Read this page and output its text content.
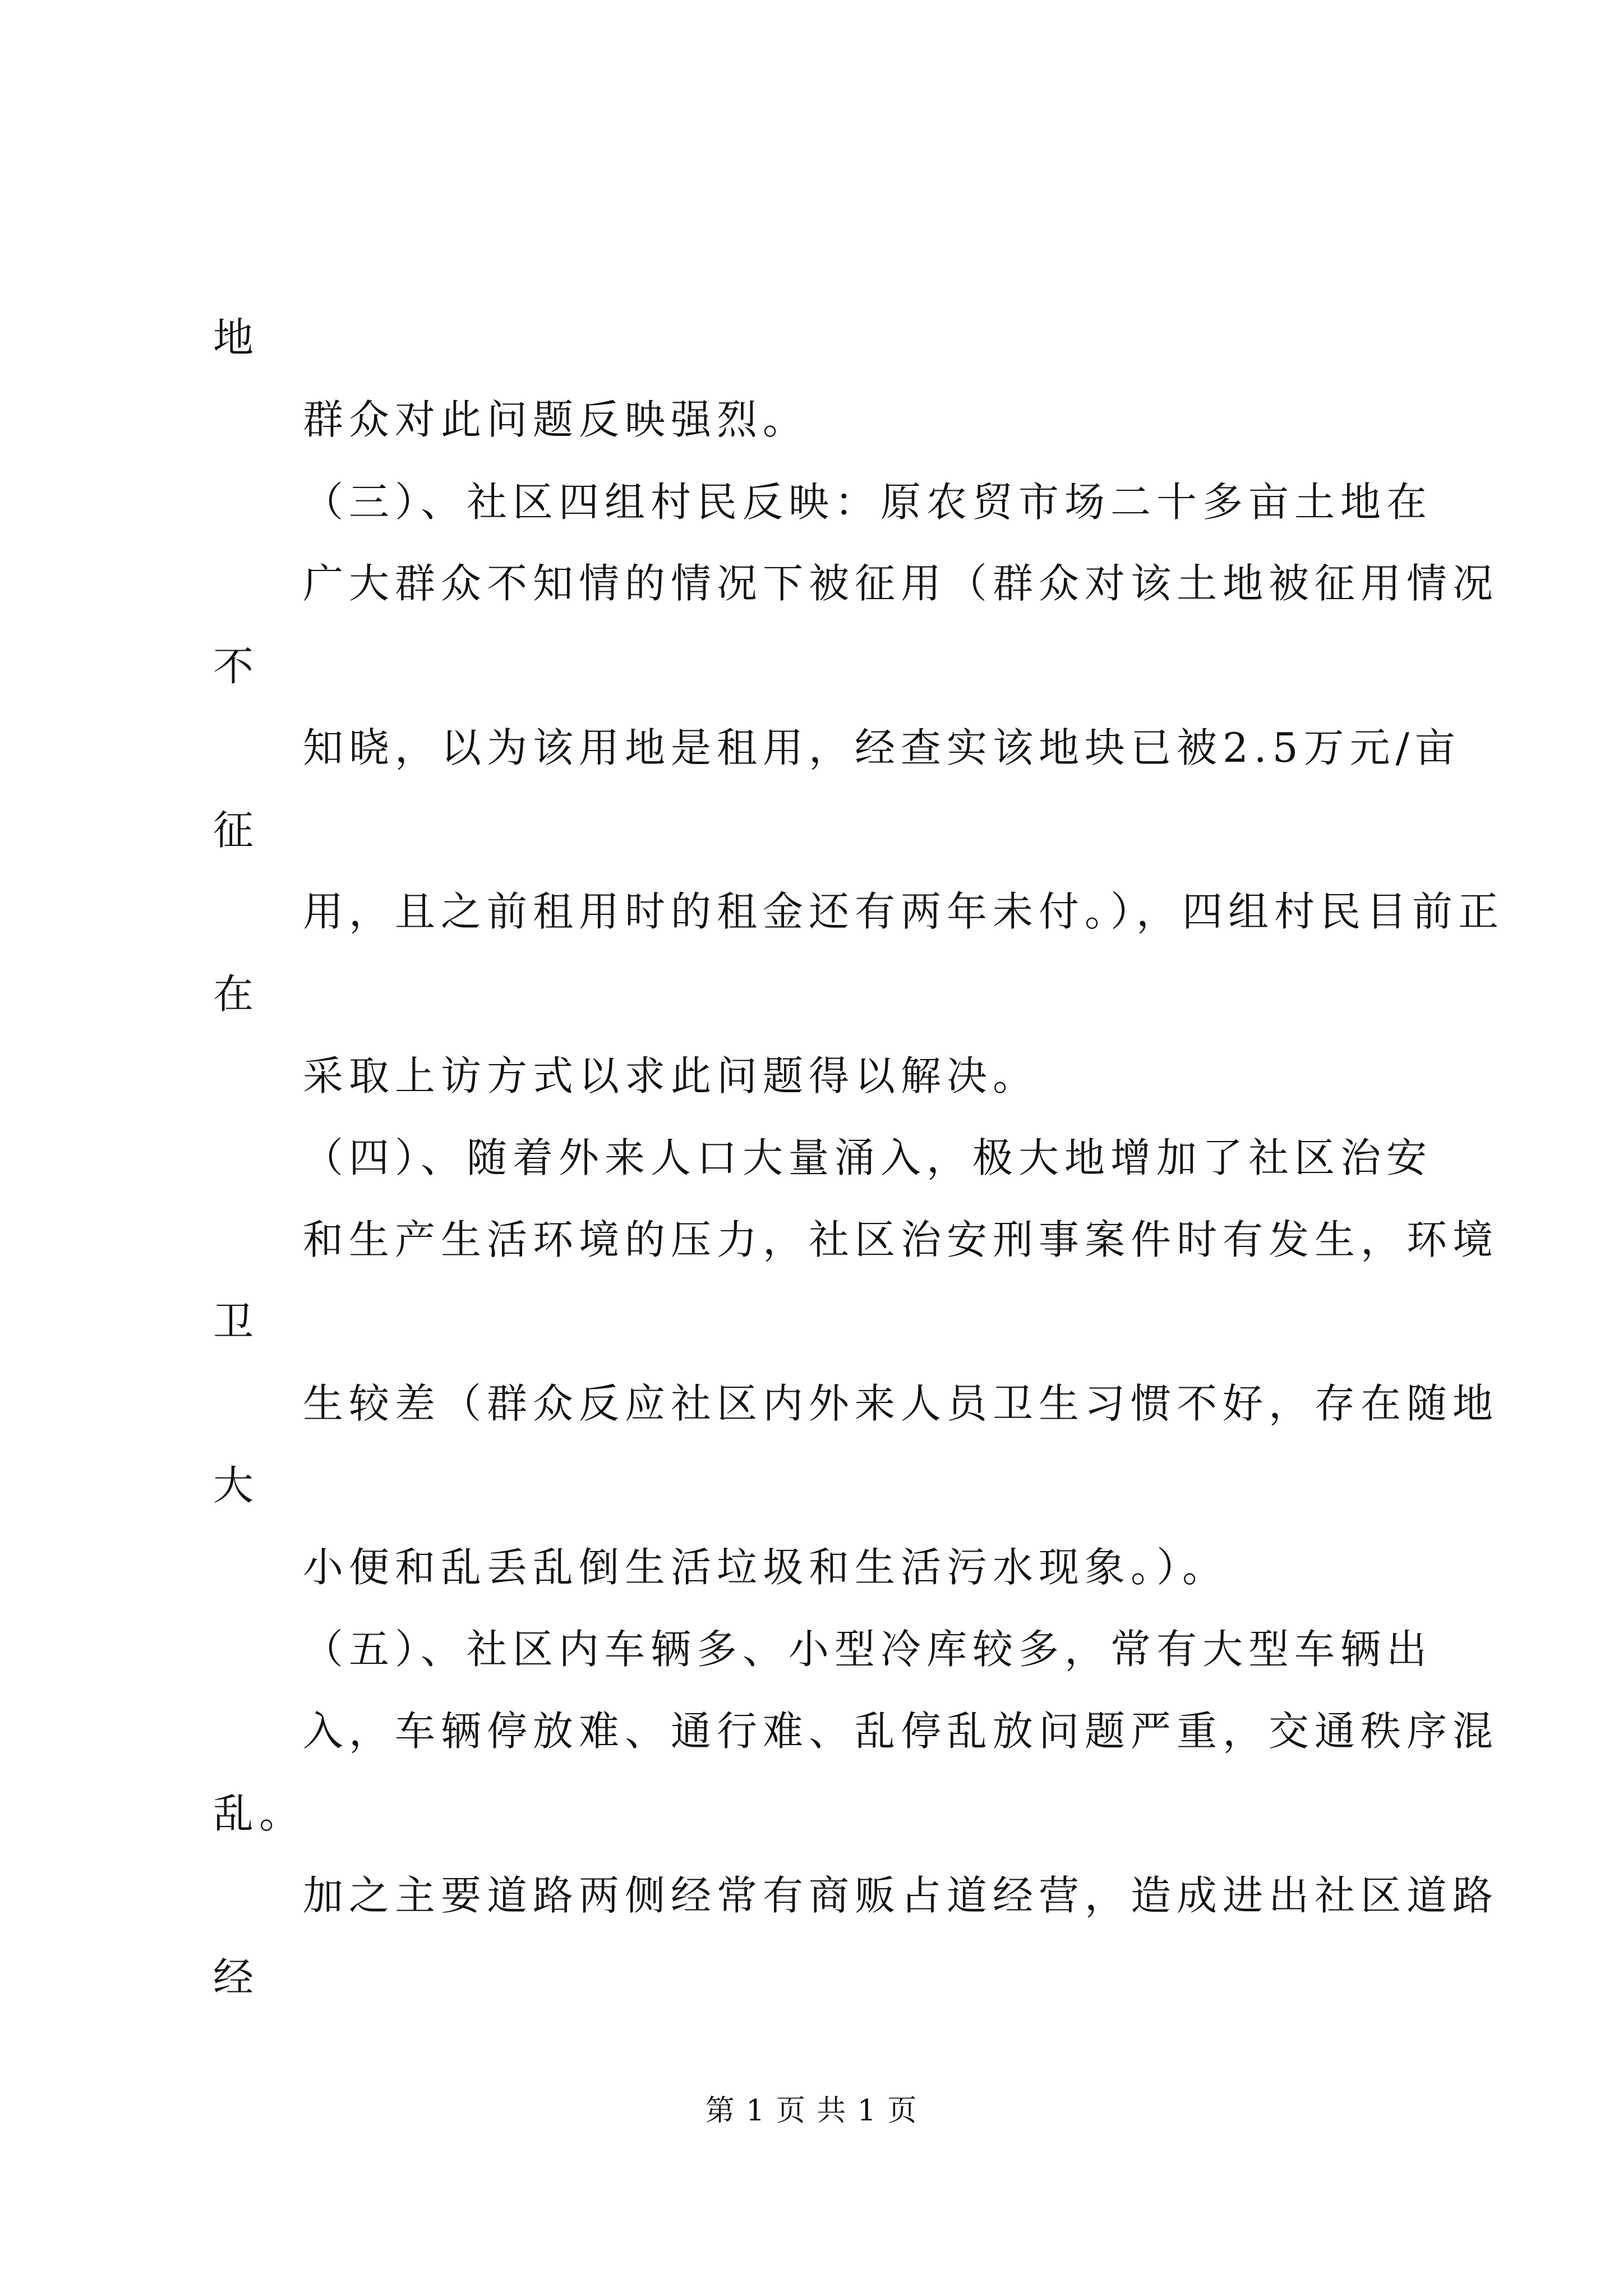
地
群众对此问题反映强烈。
（三）、社区四组村民反映：原农贸市场二十多亩土地在
广大群众不知情的情况下被征用（群众对该土地被征用情况
不
知晓，以为该用地是租用，经查实该地块已被2.5万元/亩
征
用，且之前租用时的租金还有两年未付。），四组村民目前正
在
采取上访方式以求此问题得以解决。
（四）、随着外来人口大量涌入，极大地增加了社区治安
和生产生活环境的压力，社区治安刑事案件时有发生，环境
卫
生较差（群众反应社区内外来人员卫生习惯不好，存在随地
大
小便和乱丢乱倒生活垃圾和生活污水现象。）。
（五）、社区内车辆多、小型冷库较多，常有大型车辆出
入，车辆停放难、通行难、乱停乱放问题严重，交通秩序混
乱。
加之主要道路两侧经常有商贩占道经营，造成进出社区道路
经
第 1 页 共 1 页
